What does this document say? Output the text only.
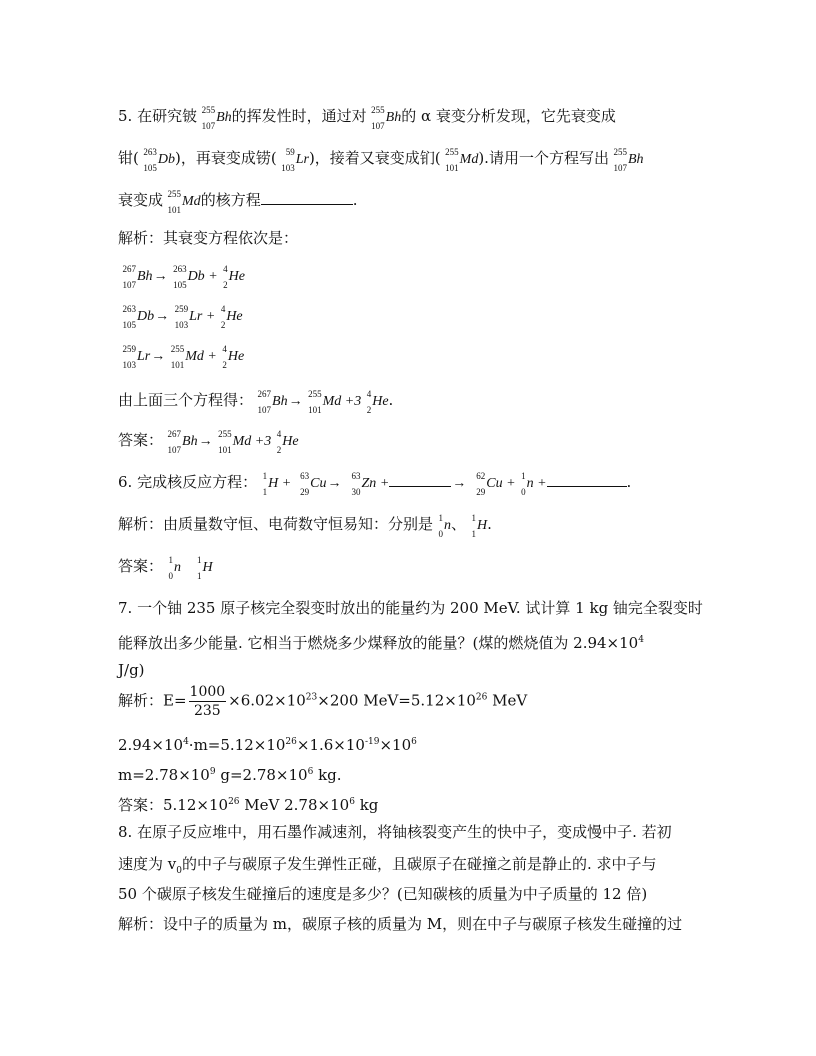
5. 在研究铍 255
107
Bh的挥发性时，通过对 255
107
Bh的 α 衰变分析发现，它先衰变成
钳( 263
105
Db)，再衰变成铹( 59
103
Lr)，接着又衰变成钔( 255
101
Md).请用一个方程写出 255
107
Bh
衰变成 255
101
Md的核方程	.
解析：其衰变方程依次是：
267
107
Bh→
263
105
Db +
4
2
He
263
105
Db→
259
103
Lr +
4
2
He
259
103
Lr→
255
101
Md +
4
2
He
由上面三个方程得： 267
107
Bh→
255
101
Md +3
4
2
He.
答案： 267
107
Bh→
255
101
Md +3
4
2
He
6. 完成核反应方程： 1
1
H +
63
29
Cu→
63
30
Zn +	→
62
29
Cu +
1
0
n +	.
解析：由质量数守恒、电荷数守恒易知：分别是 1
0
n、 1
1
H.
答案： 1
0
n
1
1
H
7. 一个铀 235 原子核完全裂变时放出的能量约为 200 MeV. 试计算 1 kg 铀完全裂变时
能释放出多少能量. 它相当于燃烧多少煤释放的能量？(煤的燃烧值为 $2.94\times 10^4$
J/g)
解析：$E= \frac{1000}{235} \times 6.02\times 10^{23}\times 200$ $MeV=5.12\times 10^{26}$ MeV
$2.94\times 10^4\cdot m=5.12\times 10^{26}\times 1.6\times 10^{-19}\times 10^6$
$m=2.78\times 10^9$ $g=2.78\times 10^6$ kg.
答案：$5.12\times 10^{26}$ MeV $2.78\times 10^6$ kg
8. 在原子反应堆中，用石墨作减速剂，将铀核裂变产生的快中子，变成慢中子. 若初
速度为 $v_0$的中子与碳原子发生弹性正碰，且碳原子在碰撞之前是静止的. 求中子与
50 个碳原子核发生碰撞后的速度是多少？(已知碳核的质量为中子质量的 12 倍)
解析：设中子的质量为 m，碳原子核的质量为 M，则在中子与碳原子核发生碰撞的过
